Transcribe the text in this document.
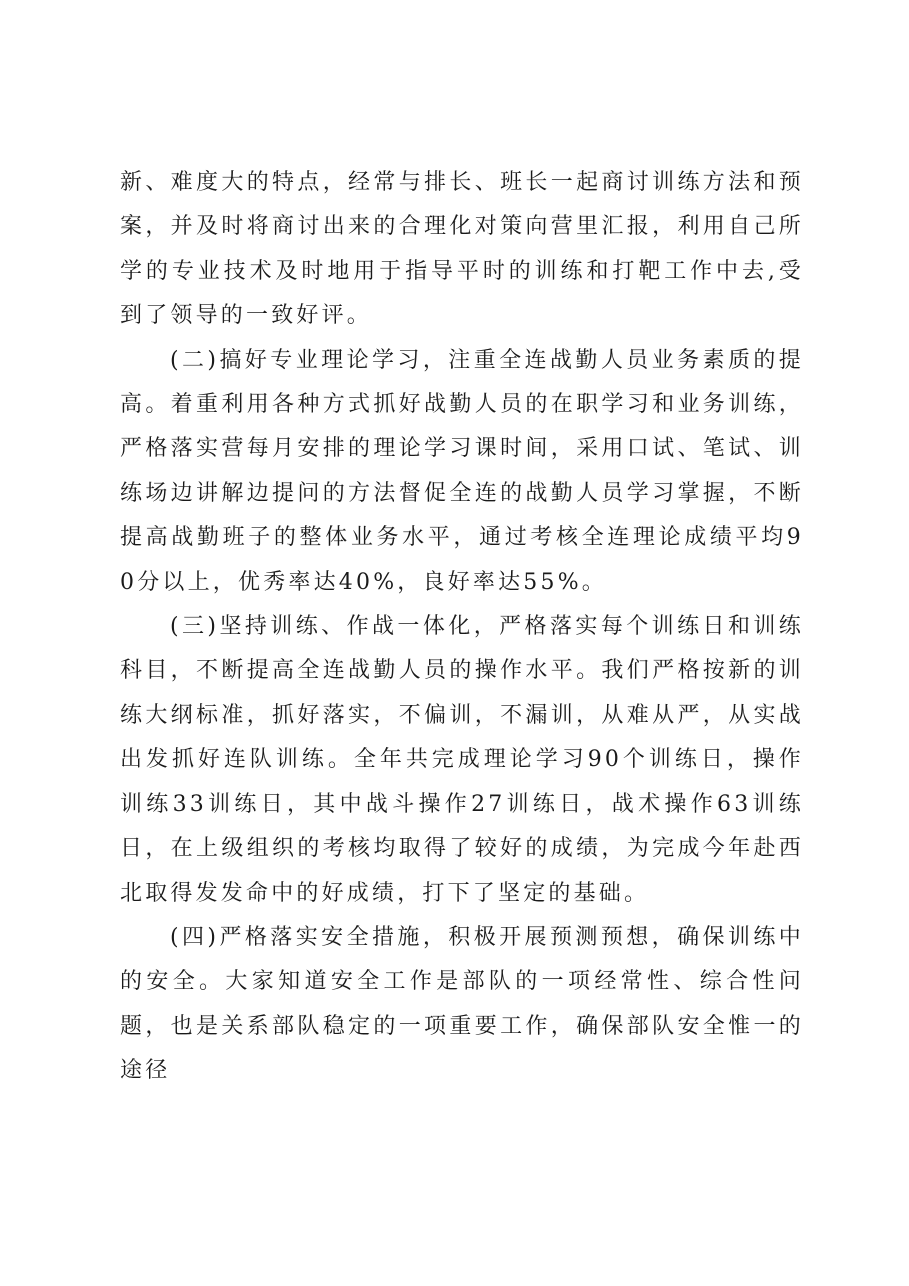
新、难度大的特点，经常与排长、班长一起商讨训练方法和预案，并及时将商讨出来的合理化对策向营里汇报，利用自己所学的专业技术及时地用于指导平时的训练和打靶工作中去,受到了领导的一致好评。

(二)搞好专业理论学习，注重全连战勤人员业务素质的提高。着重利用各种方式抓好战勤人员的在职学习和业务训练，严格落实营每月安排的理论学习课时间，采用口试、笔试、训练场边讲解边提问的方法督促全连的战勤人员学习掌握，不断提高战勤班子的整体业务水平，通过考核全连理论成绩平均90分以上，优秀率达40%，良好率达55%。

(三)坚持训练、作战一体化，严格落实每个训练日和训练科目，不断提高全连战勤人员的操作水平。我们严格按新的训练大纲标准，抓好落实，不偏训，不漏训，从难从严，从实战出发抓好连队训练。全年共完成理论学习90个训练日，操作训练33训练日，其中战斗操作27训练日，战术操作63训练日，在上级组织的考核均取得了较好的成绩，为完成今年赴西北取得发发命中的好成绩，打下了坚定的基础。

(四)严格落实安全措施，积极开展预测预想，确保训练中的安全。大家知道安全工作是部队的一项经常性、综合性问题，也是关系部队稳定的一项重要工作，确保部队安全惟一的途径
